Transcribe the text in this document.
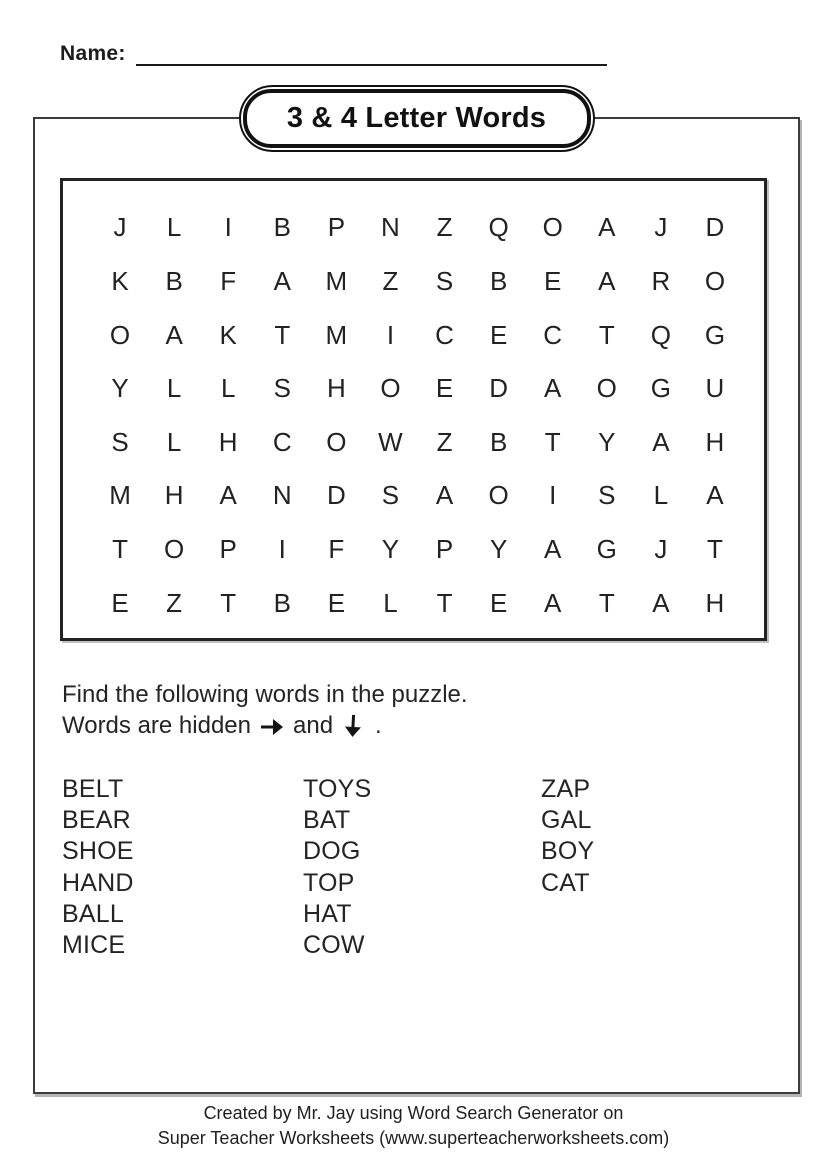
Name:
3 & 4 Letter Words
J	L	I	B	P	N	Z	Q	O	A	J	D
K	B	F	A	M	Z	S	B	E	A	R	O
O	A	K	T	M	I	C	E	C	T	Q	G
Y	L	L	S	H	O	E	D	A	O	G	U
S	L	H	C	O	W	Z	B	T	Y	A	H
M	H	A	N	D	S	A	O	I	S	L	A
T	O	P	I	F	Y	P	Y	A	G	J	T
E	Z	T	B	E	L	T	E	A	T	A	H
Find the following words in the puzzle.
Words are hidden and .
BELT
BEAR
SHOE
HAND
BALL
MICE
TOYS
BAT
DOG
TOP
HAT
COW
ZAP
GAL
BOY
CAT
Created by Mr. Jay using Word Search Generator on
Super Teacher Worksheets (www.superteacherworksheets.com)
